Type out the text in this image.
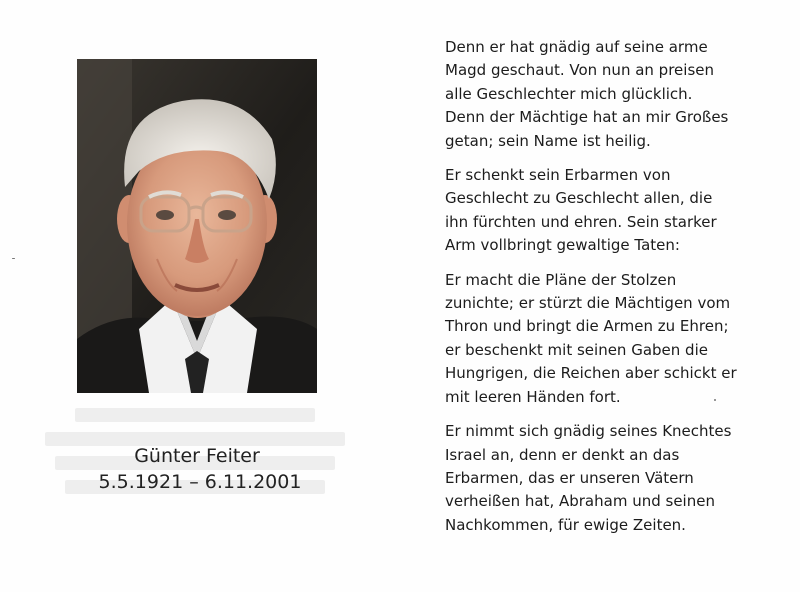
Günter Feiter
5.5.1921 – 6.11.2001

Denn er hat gnädig auf seine arme
Magd geschaut. Von nun an preisen
alle Geschlechter mich glücklich.
Denn der Mächtige hat an mir Großes
getan; sein Name ist heilig.

Er schenkt sein Erbarmen von
Geschlecht zu Geschlecht allen, die
ihn fürchten und ehren. Sein starker
Arm vollbringt gewaltige Taten:

Er macht die Pläne der Stolzen
zunichte; er stürzt die Mächtigen vom
Thron und bringt die Armen zu Ehren;
er beschenkt mit seinen Gaben die
Hungrigen, die Reichen aber schickt er
mit leeren Händen fort.

Er nimmt sich gnädig seines Knechtes
Israel an, denn er denkt an das
Erbarmen, das er unseren Vätern
verheißen hat, Abraham und seinen
Nachkommen, für ewige Zeiten.
